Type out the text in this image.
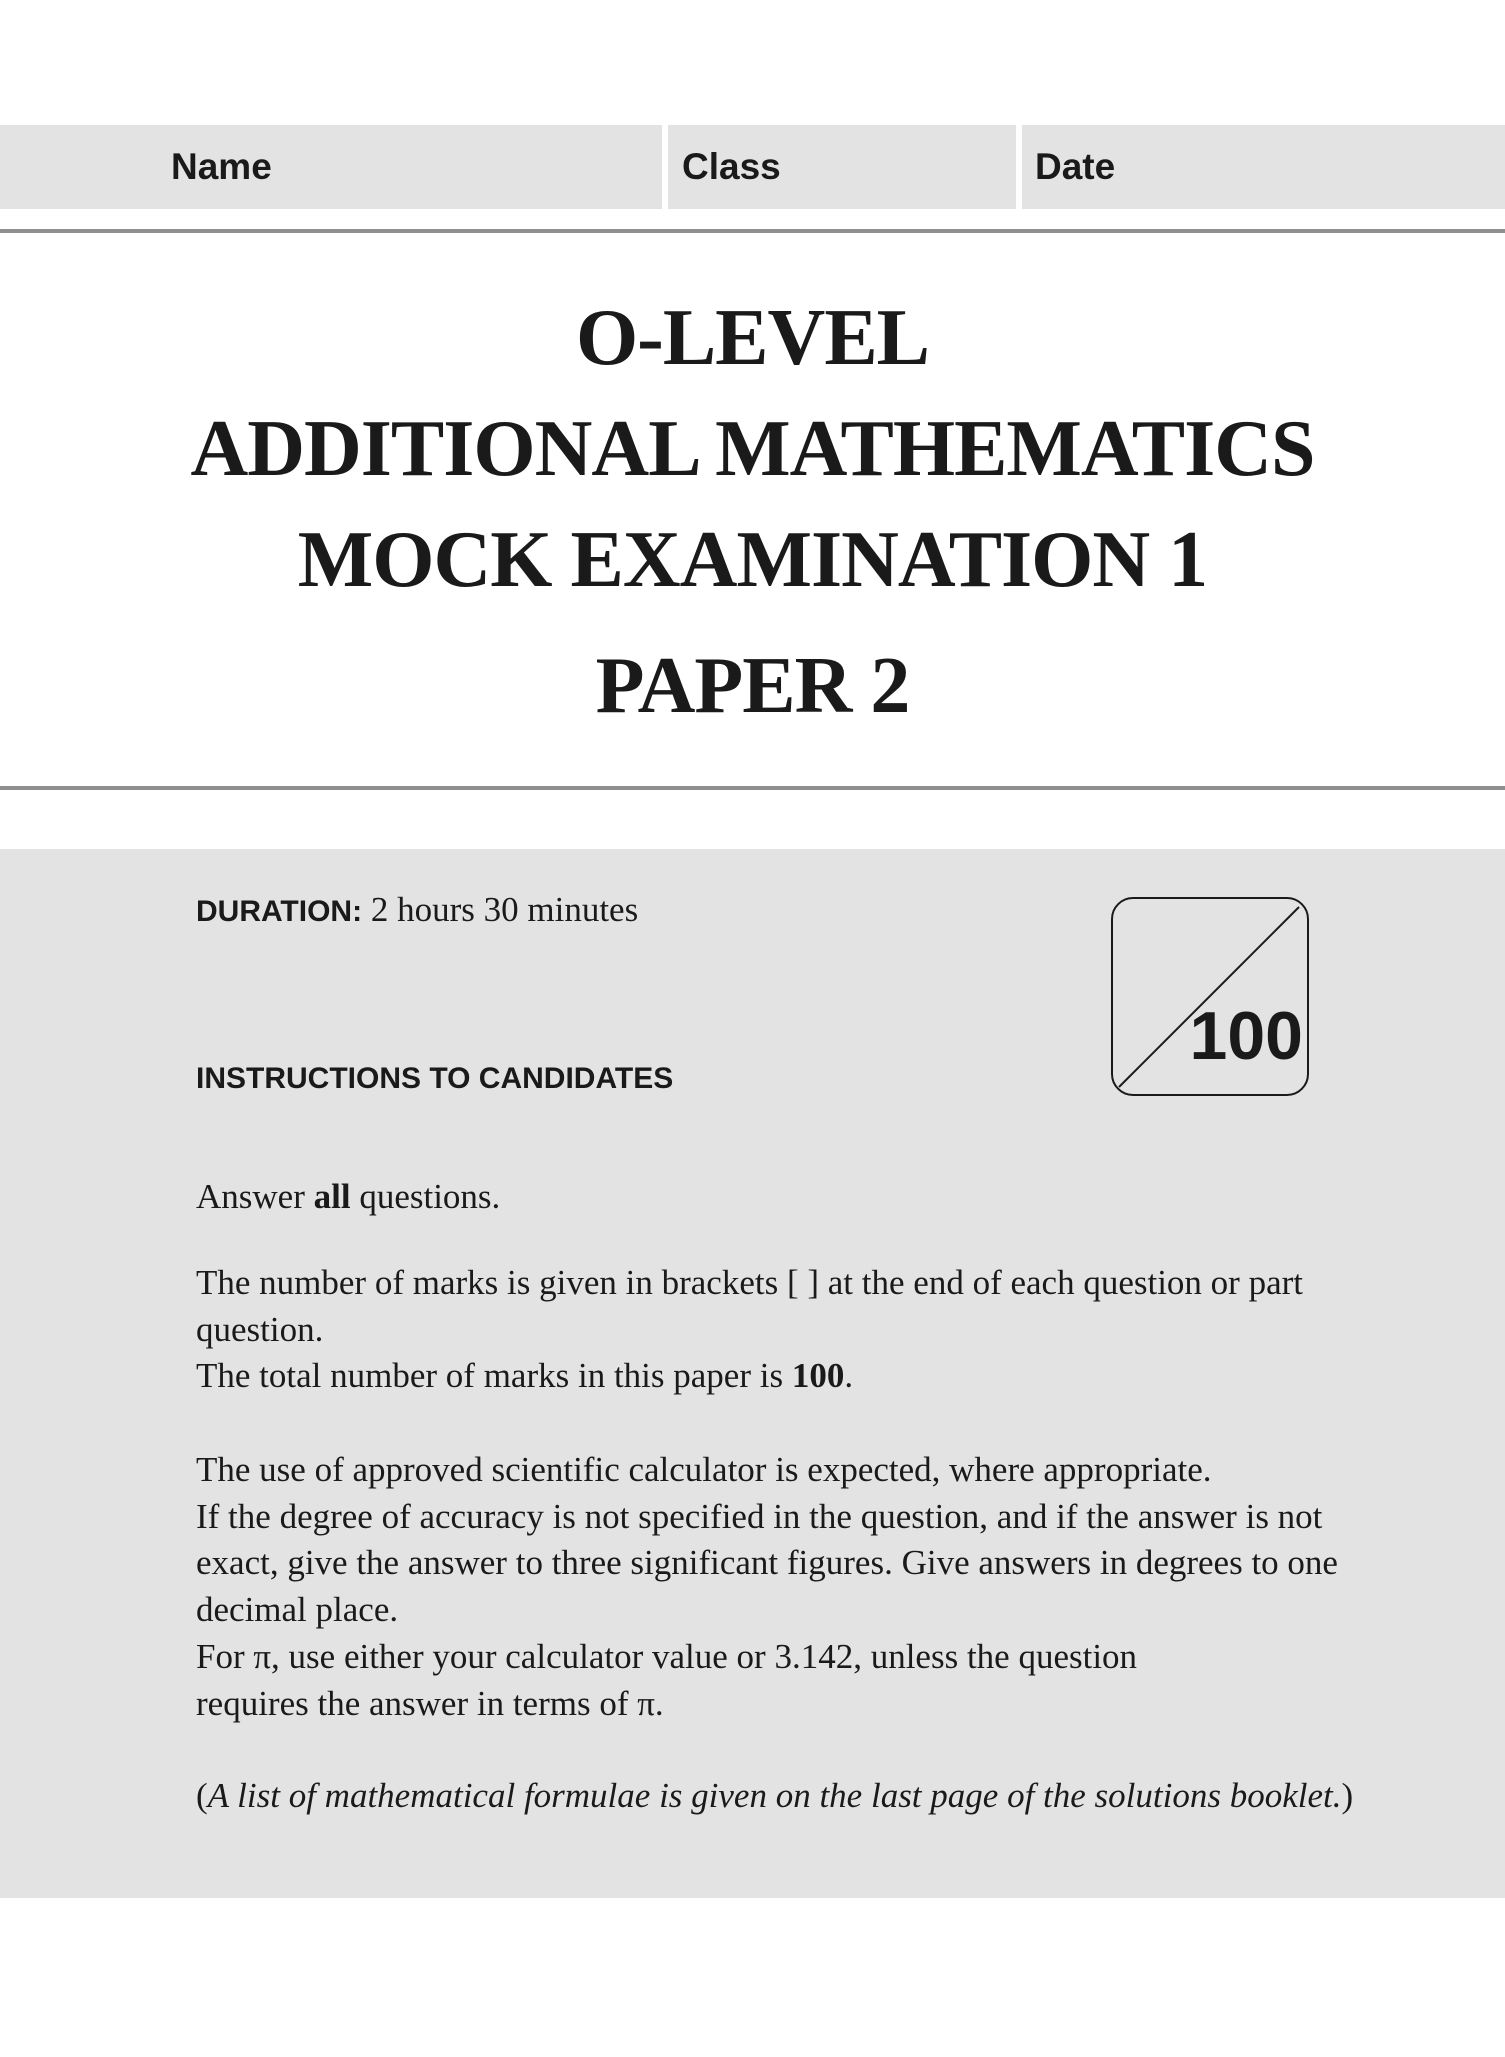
Name	Class	Date
O-LEVEL
ADDITIONAL MATHEMATICS
MOCK EXAMINATION 1
PAPER 2
DURATION: 2 hours 30 minutes
INSTRUCTIONS TO CANDIDATES
100
Answer all questions.
The number of marks is given in brackets [ ] at the end of each question or part question.
The total number of marks in this paper is 100.
The use of approved scientific calculator is expected, where appropriate.
If the degree of accuracy is not specified in the question, and if the answer is not exact, give the answer to three significant figures. Give answers in degrees to one decimal place.
For π, use either your calculator value or 3.142, unless the question requires the answer in terms of π.
(A list of mathematical formulae is given on the last page of the solutions booklet.)
